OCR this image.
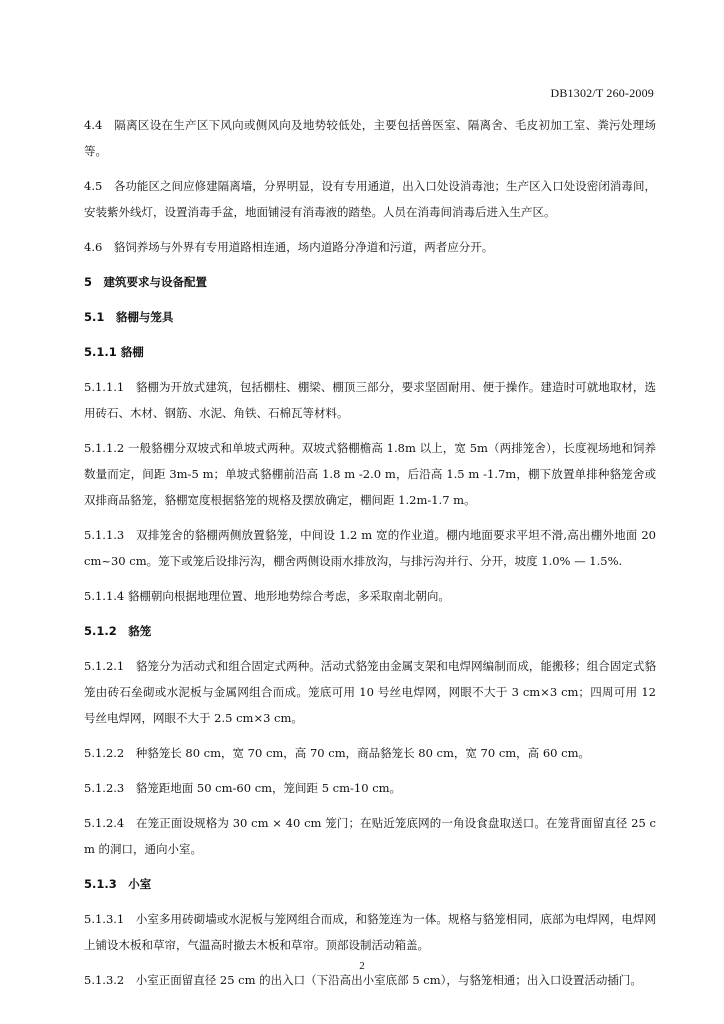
DB1302/T 260-2009

4.4　隔离区设在生产区下风向或侧风向及地势较低处，主要包括兽医室、隔离舍、毛皮初加工室、粪污处理场等。

4.5　各功能区之间应修建隔离墙，分界明显，设有专用通道，出入口处设消毒池；生产区入口处设密闭消毒间，安装紫外线灯，设置消毒手盆，地面铺浸有消毒液的踏垫。人员在消毒间消毒后进入生产区。

4.6　貉饲养场与外界有专用道路相连通，场内道路分净道和污道，两者应分开。

5　建筑要求与设备配置
5.1　貉棚与笼具
5.1.1 貉棚

5.1.1.1　貉棚为开放式建筑，包括棚柱、棚梁、棚顶三部分，要求坚固耐用、便于操作。建造时可就地取材，选用砖石、木材、钢筋、水泥、角铁、石棉瓦等材料。

5.1.1.2 一般貉棚分双坡式和单坡式两种。双坡式貉棚檐高 1.8m 以上，宽 5m（两排笼舍），长度视场地和饲养数量而定，间距 3m-5 m；单坡式貉棚前沿高 1.8 m -2.0 m，后沿高 1.5 m -1.7m，棚下放置单排种貉笼舍或双排商品貉笼，貉棚宽度根据貉笼的规格及摆放确定，棚间距 1.2m-1.7 m。

5.1.1.3　双排笼舍的貉棚两侧放置貉笼，中间设 1.2 m 宽的作业道。棚内地面要求平坦不滑,高出棚外地面 20 cm~30 cm。笼下或笼后设排污沟，棚舍两侧设雨水排放沟，与排污沟并行、分开，坡度 1.0% — 1.5%.

5.1.1.4 貉棚朝向根据地理位置、地形地势综合考虑，多采取南北朝向。

5.1.2　貉笼

5.1.2.1　貉笼分为活动式和组合固定式两种。活动式貉笼由金属支架和电焊网编制而成，能搬移；组合固定式貉笼由砖石垒砌或水泥板与金属网组合而成。笼底可用 10 号丝电焊网，网眼不大于 3 cm×3 cm；四周可用 12 号丝电焊网，网眼不大于 2.5 cm×3 cm。

5.1.2.2　种貉笼长 80 cm，宽 70 cm，高 70 cm，商品貉笼长 80 cm，宽 70 cm，高 60 cm。

5.1.2.3　貉笼距地面 50 cm-60 cm，笼间距 5 cm-10 cm。

5.1.2.4　在笼正面设规格为 30 cm × 40 cm 笼门；在贴近笼底网的一角设食盘取送口。在笼背面留直径 25 cm 的洞口，通向小室。

5.1.3　小室

5.1.3.1　小室多用砖砌墙或水泥板与笼网组合而成，和貉笼连为一体。规格与貉笼相同，底部为电焊网，电焊网上铺设木板和草帘，气温高时撤去木板和草帘。顶部设制活动箱盖。

5.1.3.2　小室正面留直径 25 cm 的出入口（下沿高出小室底部 5 cm），与貉笼相通；出入口设置活动插门。

2
